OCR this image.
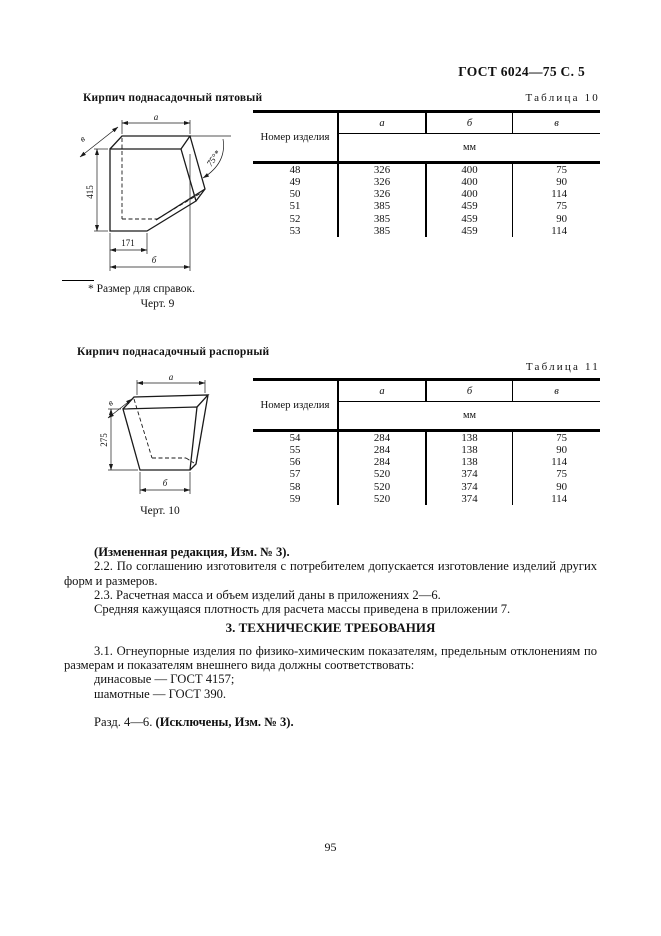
ГОСТ 6024—75 С. 5
Кирпич поднасадочный пятовый
а
в
415
171
б
75°*
* Размер для справок.
Черт. 9
Таблица 10
Номер изделия
а	б	в
мм
48	326	400	75
49	326	400	90
50	326	400	114
51	385	459	75
52	385	459	90
53	385	459	114
Кирпич поднасадочный распорный
а
в
275
б
Черт. 10
Таблица 11
Номер изделия
а	б	в
мм
54	284	138	75
55	284	138	90
56	284	138	114
57	520	374	75
58	520	374	90
59	520	374	114

(Измененная редакция, Изм. № 3).

2.2. По соглашению изготовителя с потребителем допускается изготовление изделий других форм и размеров.

2.3. Расчетная масса и объем изделий даны в приложениях 2—6.

Средняя кажущаяся плотность для расчета массы приведена в приложении 7.

3. ТЕХНИЧЕСКИЕ ТРЕБОВАНИЯ

3.1. Огнеупорные изделия по физико-химическим показателям, предельным отклонениям по размерам и показателям внешнего вида должны соответствовать:

динасовые — ГОСТ 4157;

шамотные — ГОСТ 390.

Разд. 4—6. (Исключены, Изм. № 3).

95
